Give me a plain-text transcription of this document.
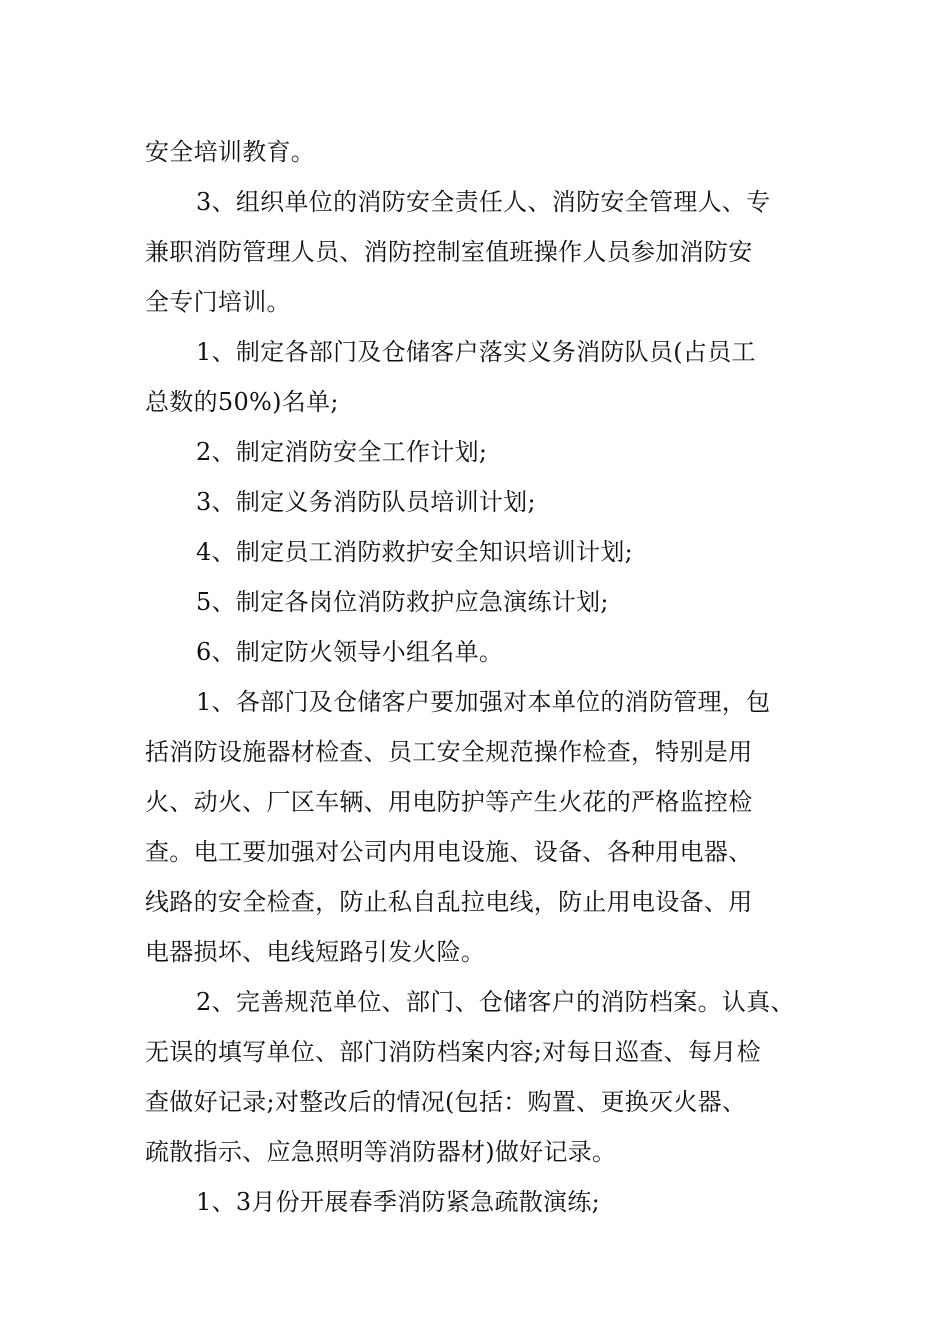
安全培训教育。
3、组织单位的消防安全责任人、消防安全管理人、专
兼职消防管理人员、消防控制室值班操作人员参加消防安
全专门培训。
1、制定各部门及仓储客户落实义务消防队员(占员工
总数的50%)名单;
2、制定消防安全工作计划;
3、制定义务消防队员培训计划;
4、制定员工消防救护安全知识培训计划;
5、制定各岗位消防救护应急演练计划;
6、制定防火领导小组名单。
1、各部门及仓储客户要加强对本单位的消防管理，包
括消防设施器材检查、员工安全规范操作检查，特别是用
火、动火、厂区车辆、用电防护等产生火花的严格监控检
查。电工要加强对公司内用电设施、设备、各种用电器、
线路的安全检查，防止私自乱拉电线，防止用电设备、用
电器损坏、电线短路引发火险。
2、完善规范单位、部门、仓储客户的消防档案。认真、
无误的填写单位、部门消防档案内容;对每日巡查、每月检
查做好记录;对整改后的情况(包括：购置、更换灭火器、
疏散指示、应急照明等消防器材)做好记录。
1、3月份开展春季消防紧急疏散演练;
